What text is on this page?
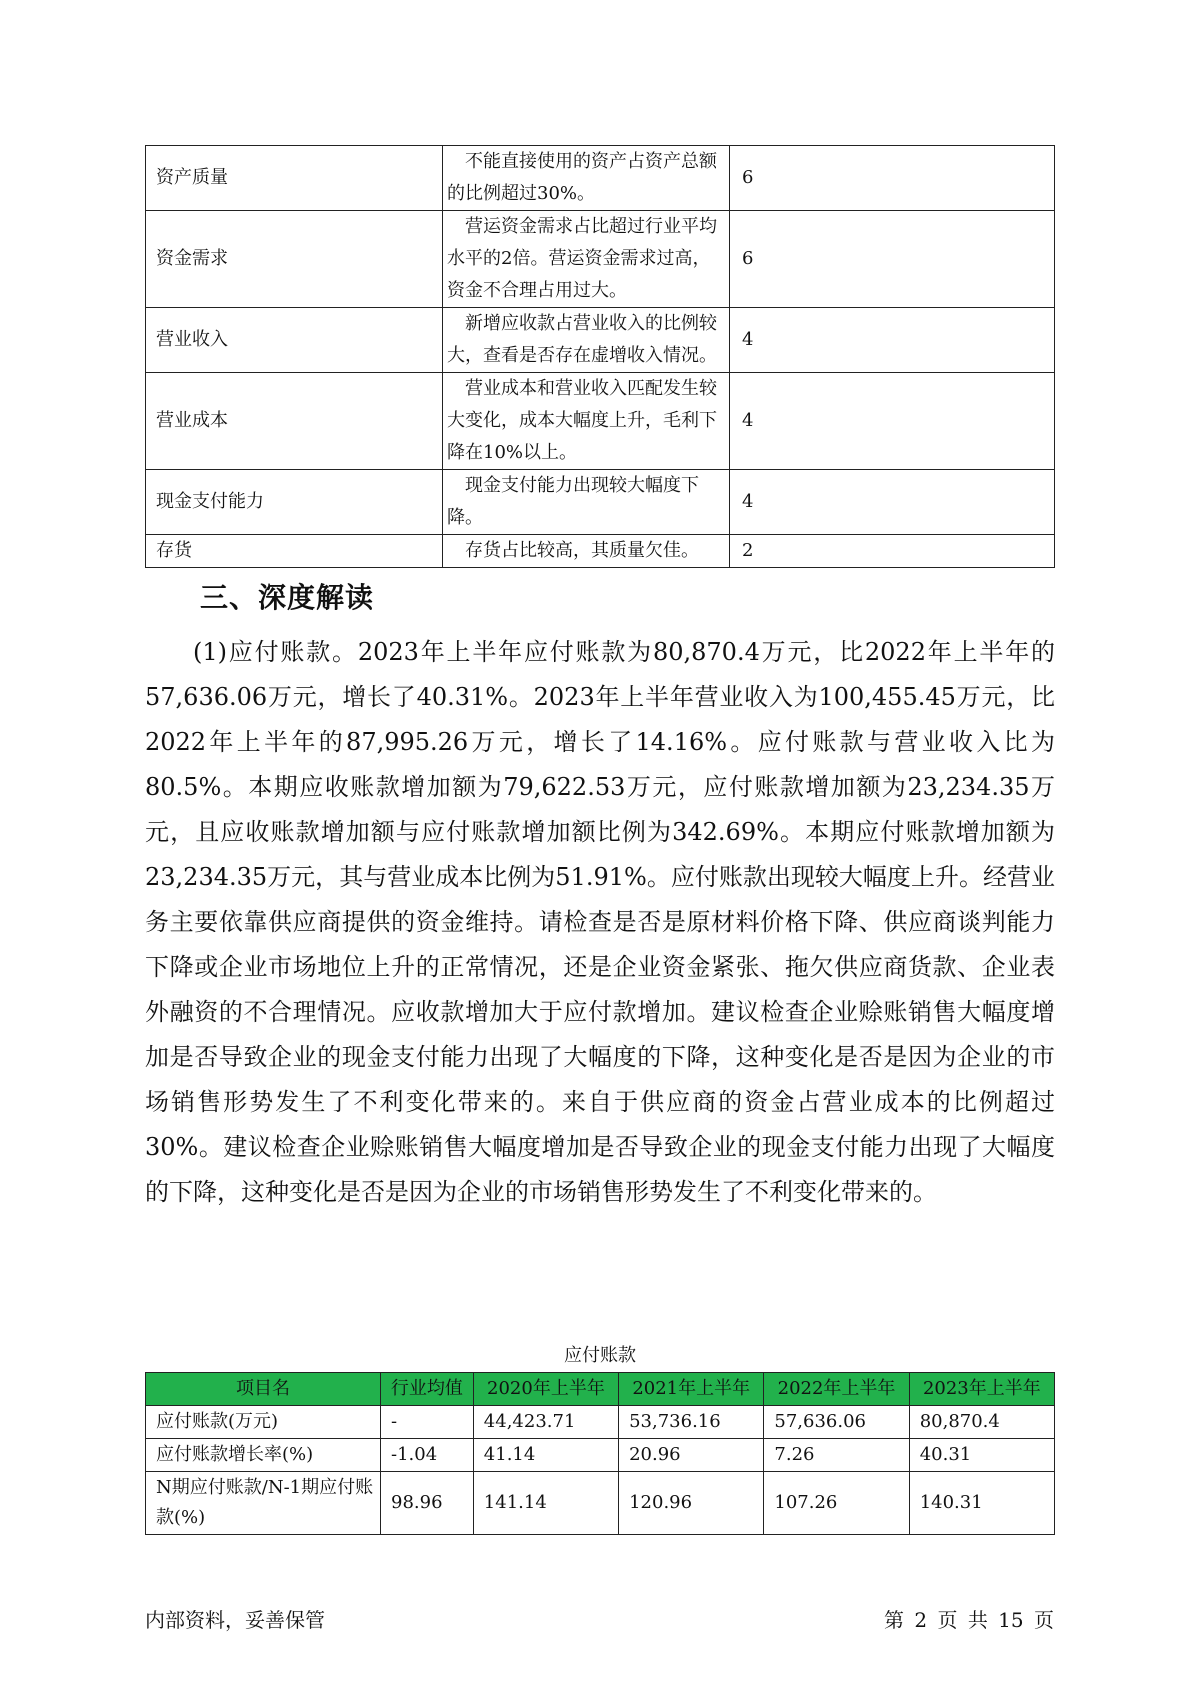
资产质量	不能直接使用的资产占资产总额的比例超过30%。	6
资金需求	营运资金需求占比超过行业平均水平的2倍。营运资金需求过高，资金不合理占用过大。	6
营业收入	新增应收款占营业收入的比例较大，查看是否存在虚增收入情况。	4
营业成本	营业成本和营业收入匹配发生较大变化，成本大幅度上升，毛利下降在10%以上。	4
现金支付能力	现金支付能力出现较大幅度下降。	4
存货	存货占比较高，其质量欠佳。	2
三、深度解读

(1)应付账款。2023年上半年应付账款为80,870.4万元，比2022年上半年的57,636.06万元，增长了40.31%。2023年上半年营业收入为100,455.45万元，比2022年上半年的87,995.26万元，增长了14.16%。应付账款与营业收入比为80.5%。本期应收账款增加额为79,622.53万元，应付账款增加额为23,234.35万元，且应收账款增加额与应付账款增加额比例为342.69%。本期应付账款增加额为23,234.35万元，其与营业成本比例为51.91%。应付账款出现较大幅度上升。经营业务主要依靠供应商提供的资金维持。请检查是否是原材料价格下降、供应商谈判能力下降或企业市场地位上升的正常情况，还是企业资金紧张、拖欠供应商货款、企业表外融资的不合理情况。应收款增加大于应付款增加。建议检查企业赊账销售大幅度增加是否导致企业的现金支付能力出现了大幅度的下降，这种变化是否是因为企业的市场销售形势发生了不利变化带来的。来自于供应商的资金占营业成本的比例超过30%。建议检查企业赊账销售大幅度增加是否导致企业的现金支付能力出现了大幅度的下降，这种变化是否是因为企业的市场销售形势发生了不利变化带来的。

应付账款

项目名	行业均值	2020年上半年	2021年上半年	2022年上半年	2023年上半年
应付账款(万元)	-	44,423.71	53,736.16	57,636.06	80,870.4
应付账款增长率(%)	-1.04	41.14	20.96	7.26	40.31
N期应付账款/N-1期应付账款(%)	98.96	141.14	120.96	107.26	140.31

内部资料，妥善保管	第 2 页 共 15 页
